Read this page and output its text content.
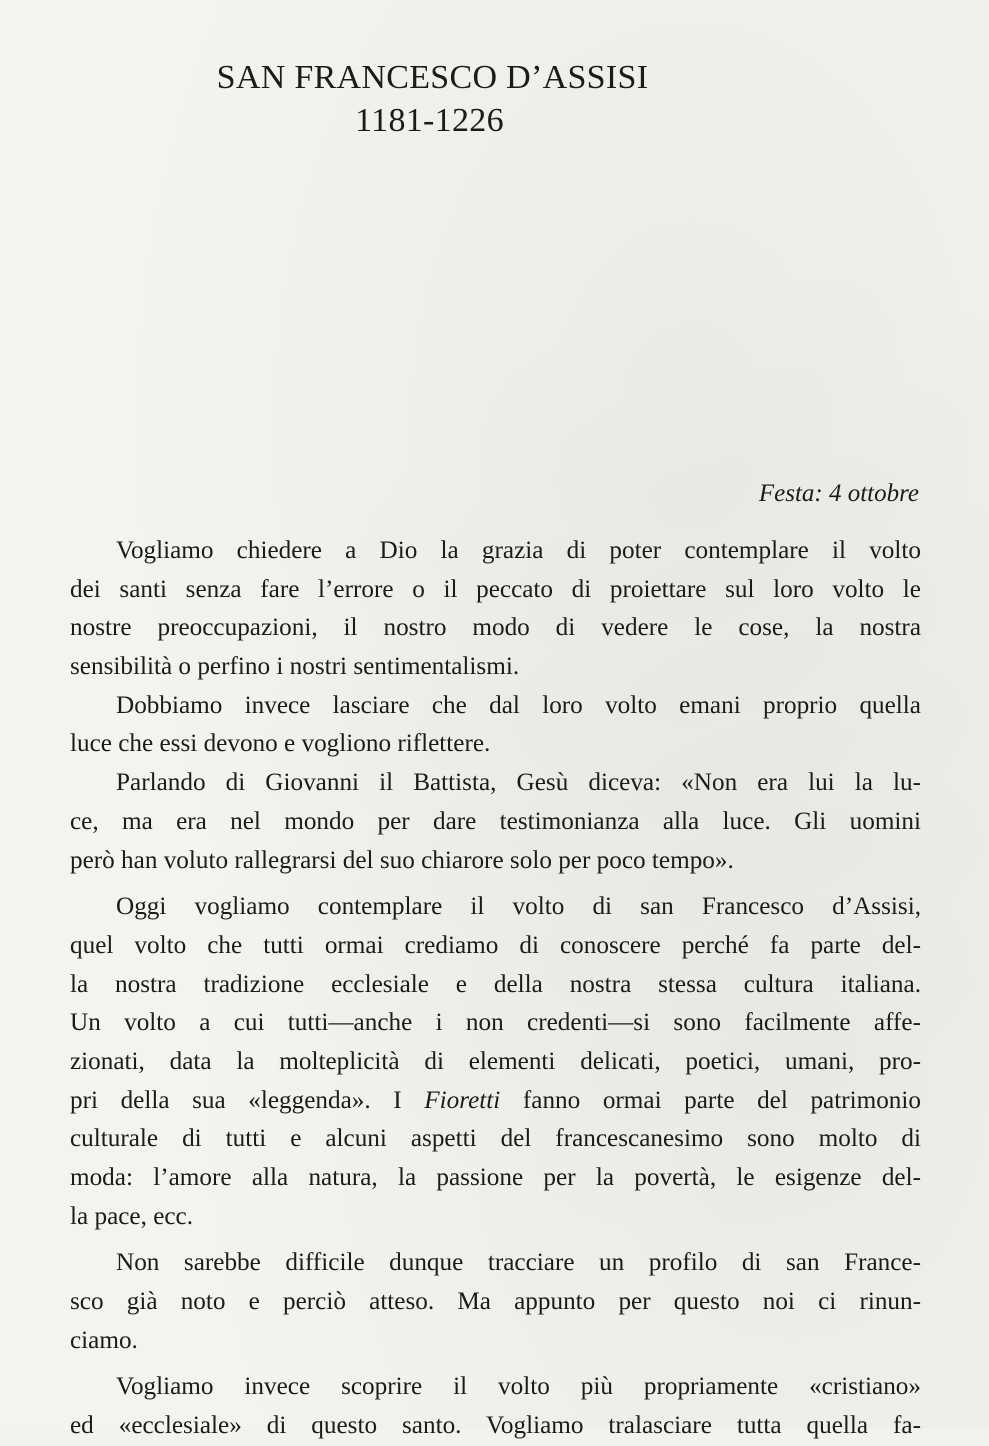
SAN FRANCESCO D’ASSISI
1181-1226
Festa: 4 ottobre
Vogliamo chiedere a Dio la grazia di poter contemplare il volto
dei santi senza fare l’errore o il peccato di proiettare sul loro volto le
nostre preoccupazioni, il nostro modo di vedere le cose, la nostra
sensibilità o perfino i nostri sentimentalismi.
Dobbiamo invece lasciare che dal loro volto emani proprio quella
luce che essi devono e vogliono riflettere.
Parlando di Giovanni il Battista, Gesù diceva: «Non era lui la lu-
ce, ma era nel mondo per dare testimonianza alla luce. Gli uomini
però han voluto rallegrarsi del suo chiarore solo per poco tempo».
Oggi vogliamo contemplare il volto di san Francesco d’Assisi,
quel volto che tutti ormai crediamo di conoscere perché fa parte del-
la nostra tradizione ecclesiale e della nostra stessa cultura italiana.
Un volto a cui tutti—anche i non credenti—si sono facilmente affe-
zionati, data la molteplicità di elementi delicati, poetici, umani, pro-
pri della sua «leggenda». I Fioretti fanno ormai parte del patrimonio
culturale di tutti e alcuni aspetti del francescanesimo sono molto di
moda: l’amore alla natura, la passione per la povertà, le esigenze del-
la pace, ecc.
Non sarebbe difficile dunque tracciare un profilo di san France-
sco già noto e perciò atteso. Ma appunto per questo noi ci rinun-
ciamo.
Vogliamo invece scoprire il volto più propriamente «cristiano»
ed «ecclesiale» di questo santo. Vogliamo tralasciare tutta quella fa-
